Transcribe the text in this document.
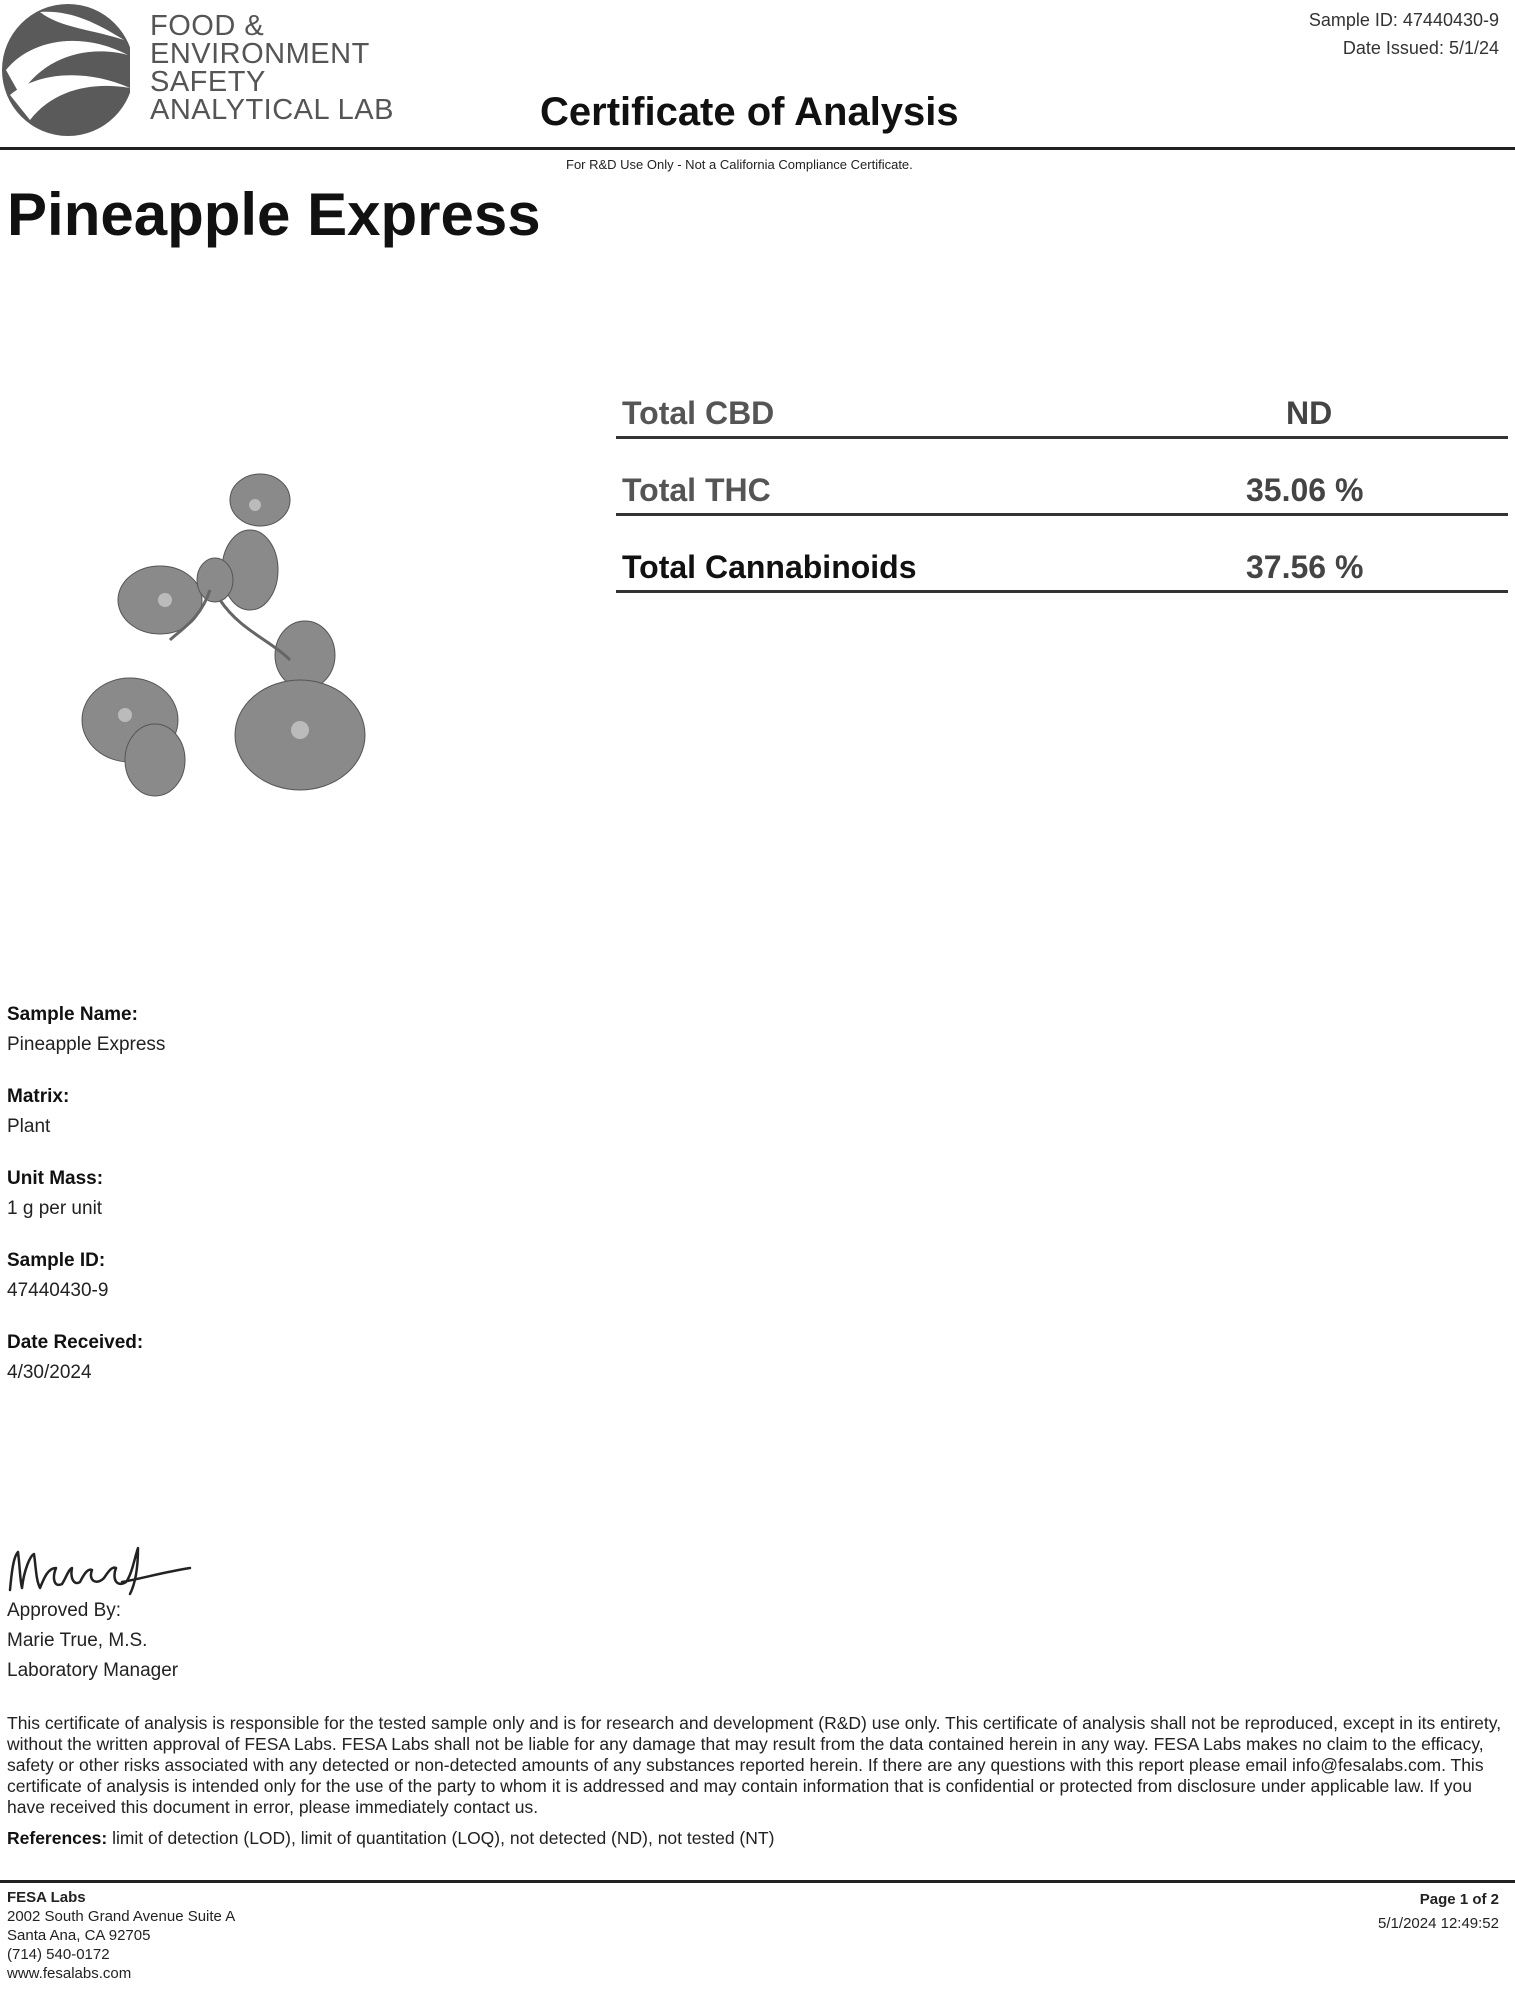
FOOD &
ENVIRONMENT
SAFETY
ANALYTICAL LAB
Sample ID: 47440430-9
Date Issued: 5/1/24
Certificate of Analysis
For R&D Use Only - Not a California Compliance Certificate.
Pineapple Express
Total CBD	ND
Total THC	35.06 %
Total Cannabinoids	37.56 %
Sample Name:
Pineapple Express
Matrix:
Plant
Unit Mass:
1 g per unit
Sample ID:
47440430-9
Date Received:
4/30/2024
Approved By:
Marie True, M.S.
Laboratory Manager
This certificate of analysis is responsible for the tested sample only and is for research and development (R&D) use only. This certificate of analysis shall not be reproduced, except in its entirety, without the written approval of FESA Labs. FESA Labs shall not be liable for any damage that may result from the data contained herein in any way. FESA Labs makes no claim to the efficacy, safety or other risks associated with any detected or non-detected amounts of any substances reported herein. If there are any questions with this report please email info@fesalabs.com. This certificate of analysis is intended only for the use of the party to whom it is addressed and may contain information that is confidential or protected from disclosure under applicable law. If you have received this document in error, please immediately contact us.
References: limit of detection (LOD), limit of quantitation (LOQ), not detected (ND), not tested (NT)
FESA Labs
2002 South Grand Avenue Suite A
Santa Ana, CA 92705
(714) 540-0172
www.fesalabs.com
Page 1 of 2
5/1/2024 12:49:52
